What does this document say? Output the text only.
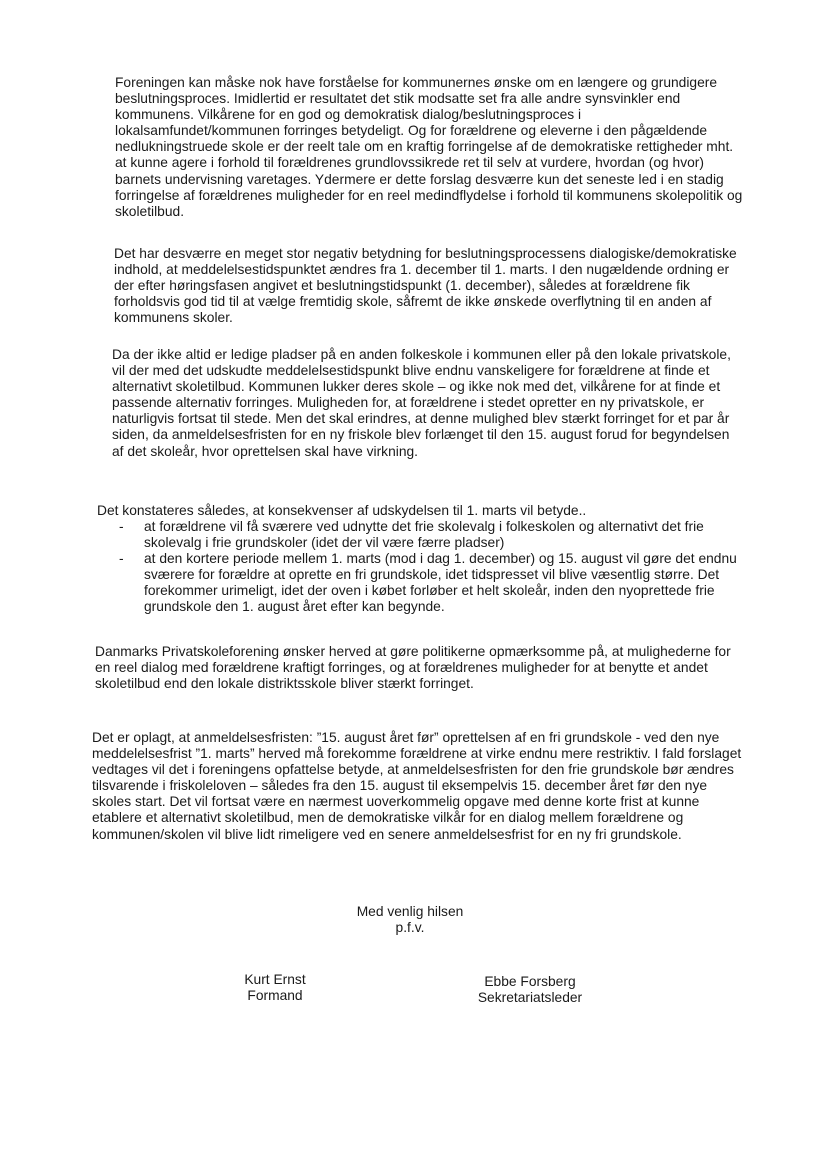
Foreningen kan måske nok have forståelse for kommunernes ønske om en længere og grundigere beslutningsproces. Imidlertid er resultatet det stik modsatte set fra alle andre synsvinkler end kommunens. Vilkårene for en god og demokratisk dialog/beslutningsproces i lokalsamfundet/kommunen forringes betydeligt. Og for forældrene og eleverne i den pågældende nedlukningstruede skole er der reelt tale om en kraftig forringelse af de demokratiske rettigheder mht. at kunne agere i forhold til forældrenes grundlovssikrede ret til selv at vurdere, hvordan (og hvor) barnets undervisning varetages. Ydermere er dette forslag desværre kun det seneste led i en stadig forringelse af forældrenes muligheder for en reel medindflydelse i forhold til kommunens skolepolitik og skoletilbud.

Det har desværre en meget stor negativ betydning for beslutningsprocessens dialogiske/demokratiske indhold, at meddelelsestidspunktet ændres fra 1. december til 1. marts. I den nugældende ordning er der efter høringsfasen angivet et beslutningstidspunkt (1. december), således at forældrene fik forholdsvis god tid til at vælge fremtidig skole, såfremt de ikke ønskede overflytning til en anden af kommunens skoler.

Da der ikke altid er ledige pladser på en anden folkeskole i kommunen eller på den lokale privatskole, vil der med det udskudte meddelelsestidspunkt blive endnu vanskeligere for forældrene at finde et alternativt skoletilbud. Kommunen lukker deres skole – og ikke nok med det, vilkårene for at finde et passende alternativ forringes. Muligheden for, at forældrene i stedet opretter en ny privatskole, er naturligvis fortsat til stede. Men det skal erindres, at denne mulighed blev stærkt forringet for et par år siden, da anmeldelsesfristen for en ny friskole blev forlænget til den 15. august forud for begyndelsen af det skoleår, hvor oprettelsen skal have virkning.

Det konstateres således, at konsekvenser af udskydelsen til 1. marts vil betyde..

- at forældrene vil få sværere ved udnytte det frie skolevalg i folkeskolen og alternativt det frie skolevalg i frie grundskoler (idet der vil være færre pladser)
- at den kortere periode mellem 1. marts (mod i dag 1. december) og 15. august vil gøre det endnu sværere for forældre at oprette en fri grundskole, idet tidspresset vil blive væsentlig større. Det forekommer urimeligt, idet der oven i købet forløber et helt skoleår, inden den nyoprettede frie grundskole den 1. august året efter kan begynde.

Danmarks Privatskoleforening ønsker herved at gøre politikerne opmærksomme på, at mulighederne for en reel dialog med forældrene kraftigt forringes, og at forældrenes muligheder for at benytte et andet skoletilbud end den lokale distriktsskole bliver stærkt forringet.

Det er oplagt, at anmeldelsesfristen: ”15. august året før” oprettelsen af en fri grundskole - ved den nye meddelelsesfrist ”1. marts” herved må forekomme forældrene at virke endnu mere restriktiv. I fald forslaget vedtages vil det i foreningens opfattelse betyde, at anmeldelsesfristen for den frie grundskole bør ændres tilsvarende i friskoleloven – således fra den 15. august til eksempelvis 15. december året før den nye skoles start. Det vil fortsat være en nærmest uoverkommelig opgave med denne korte frist at kunne etablere et alternativt skoletilbud, men de demokratiske vilkår for en dialog mellem forældrene og kommunen/skolen vil blive lidt rimeligere ved en senere anmeldelsesfrist for en ny fri grundskole.

Med venlig hilsen
p.f.v.
Kurt Ernst
Formand
Ebbe Forsberg
Sekretariatsleder
